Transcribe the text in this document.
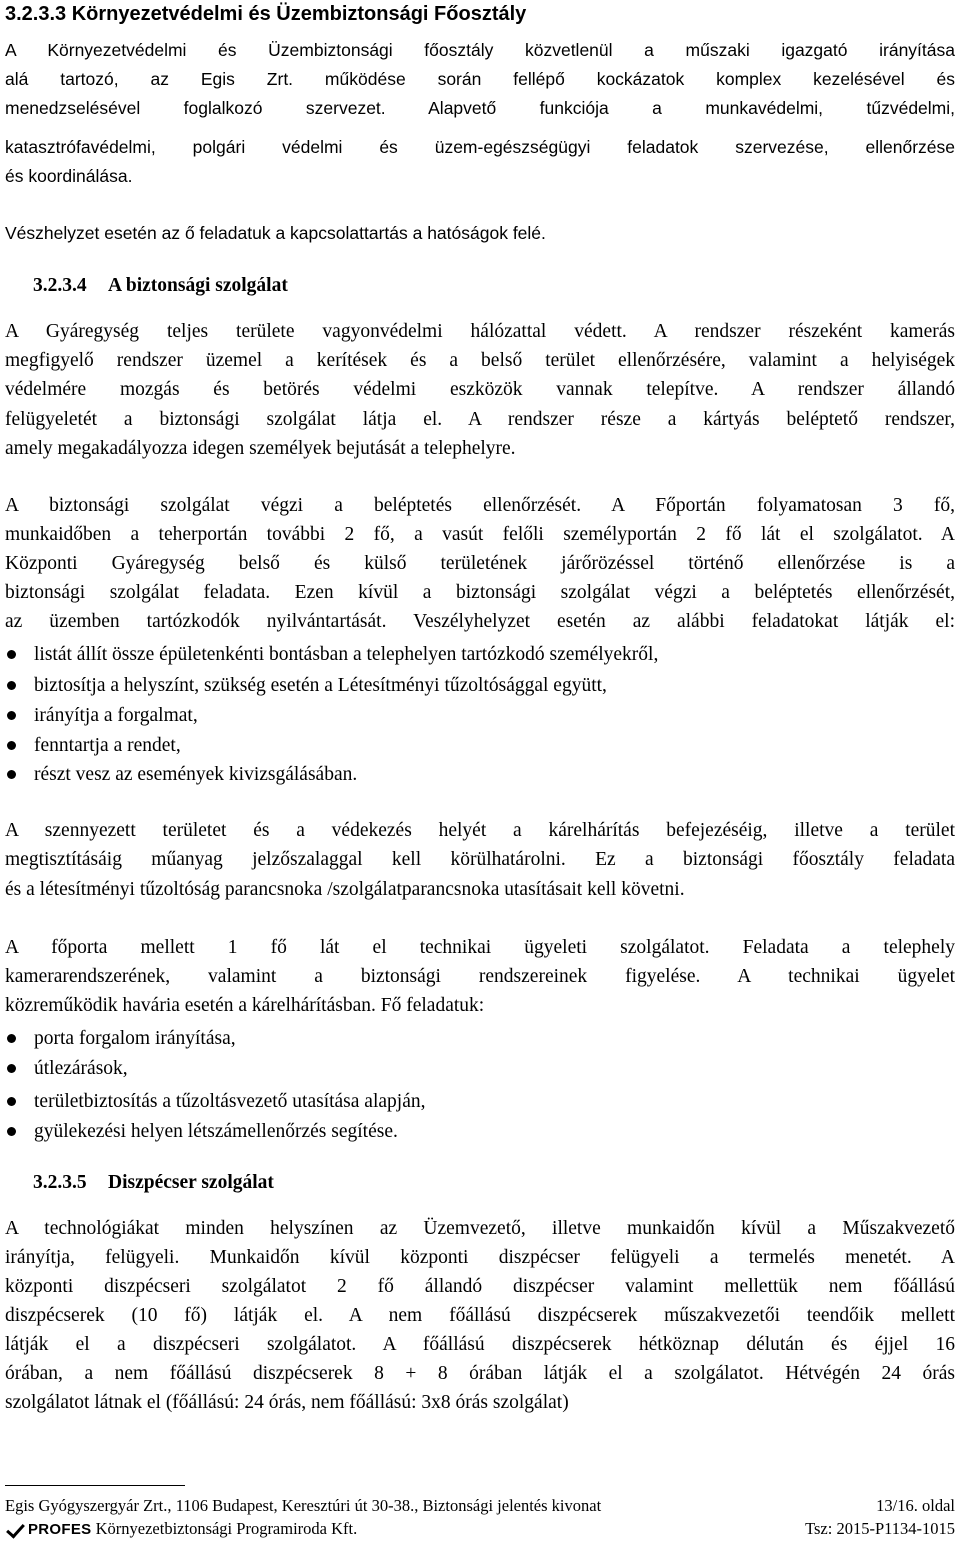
3.2.3.3 Környezetvédelmi és Üzembiztonsági Főosztály
A Környezetvédelmi és Üzembiztonsági főosztály közvetlenül a műszaki igazgató irányítása
alá tartozó, az Egis Zrt. működése során fellépő kockázatok komplex kezelésével és
menedzselésével foglalkozó szervezet. Alapvető funkciója a munkavédelmi, tűzvédelmi,
katasztrófavédelmi, polgári védelmi és üzem-egészségügyi feladatok szervezése, ellenőrzése
és koordinálása.
Vészhelyzet esetén az ő feladatuk a kapcsolattartás a hatóságok felé.
3.2.3.4 A biztonsági szolgálat
A Gyáregység teljes területe vagyonvédelmi hálózattal védett. A rendszer részeként kamerás
megfigyelő rendszer üzemel a kerítések és a belső terület ellenőrzésére, valamint a helyiségek
védelmére mozgás és betörés védelmi eszközök vannak telepítve. A rendszer állandó
felügyeletét a biztonsági szolgálat látja el. A rendszer része a kártyás beléptető rendszer,
amely megakadályozza idegen személyek bejutását a telephelyre.
A biztonsági szolgálat végzi a beléptetés ellenőrzését. A Főportán folyamatosan 3 fő,
munkaidőben a teherportán további 2 fő, a vasút felőli személyportán 2 fő lát el szolgálatot. A
Központi Gyáregység belső és külső területének járőrözéssel történő ellenőrzése is a
biztonsági szolgálat feladata. Ezen kívül a biztonsági szolgálat végzi a beléptetés ellenőrzését,
az üzemben tartózkodók nyilvántartását. Veszélyhelyzet esetén az alábbi feladatokat látják el:
listát állít össze épületenkénti bontásban a telephelyen tartózkodó személyekről,
biztosítja a helyszínt, szükség esetén a Létesítményi tűzoltósággal együtt,
irányítja a forgalmat,
fenntartja a rendet,
részt vesz az események kivizsgálásában.
A szennyezett területet és a védekezés helyét a kárelhárítás befejezéséig, illetve a terület
megtisztításáig műanyag jelzőszalaggal kell körülhatárolni. Ez a biztonsági főosztály feladata
és a létesítményi tűzoltóság parancsnoka /szolgálatparancsnoka utasításait kell követni.
A főporta mellett 1 fő lát el technikai ügyeleti szolgálatot. Feladata a telephely
kamerarendszerének, valamint a biztonsági rendszereinek figyelése. A technikai ügyelet
közreműködik havária esetén a kárelhárításban. Fő feladatuk:
porta forgalom irányítása,
útlezárások,
területbiztosítás a tűzoltásvezető utasítása alapján,
gyülekezési helyen létszámellenőrzés segítése.
3.2.3.5 Diszpécser szolgálat
A technológiákat minden helyszínen az Üzemvezető, illetve munkaidőn kívül a Műszakvezető
irányítja, felügyeli. Munkaidőn kívül központi diszpécser felügyeli a termelés menetét. A
központi diszpécseri szolgálatot 2 fő állandó diszpécser valamint mellettük nem főállású
diszpécserek (10 fő) látják el. A nem főállású diszpécserek műszakvezetői teendőik mellett
látják el a diszpécseri szolgálatot. A főállású diszpécserek hétköznap délután és éjjel 16
órában, a nem főállású diszpécserek 8 + 8 órában látják el a szolgálatot. Hétvégén 24 órás
szolgálatot látnak el (főállású: 24 órás, nem főállású: 3x8 órás szolgálat)
Egis Gyógyszergyár Zrt., 1106 Budapest, Keresztúri út 30-38., Biztonsági jelentés kivonat	13/16. oldal
PROFES Környezetbiztonsági Programiroda Kft.	Tsz: 2015-P1134-1015
